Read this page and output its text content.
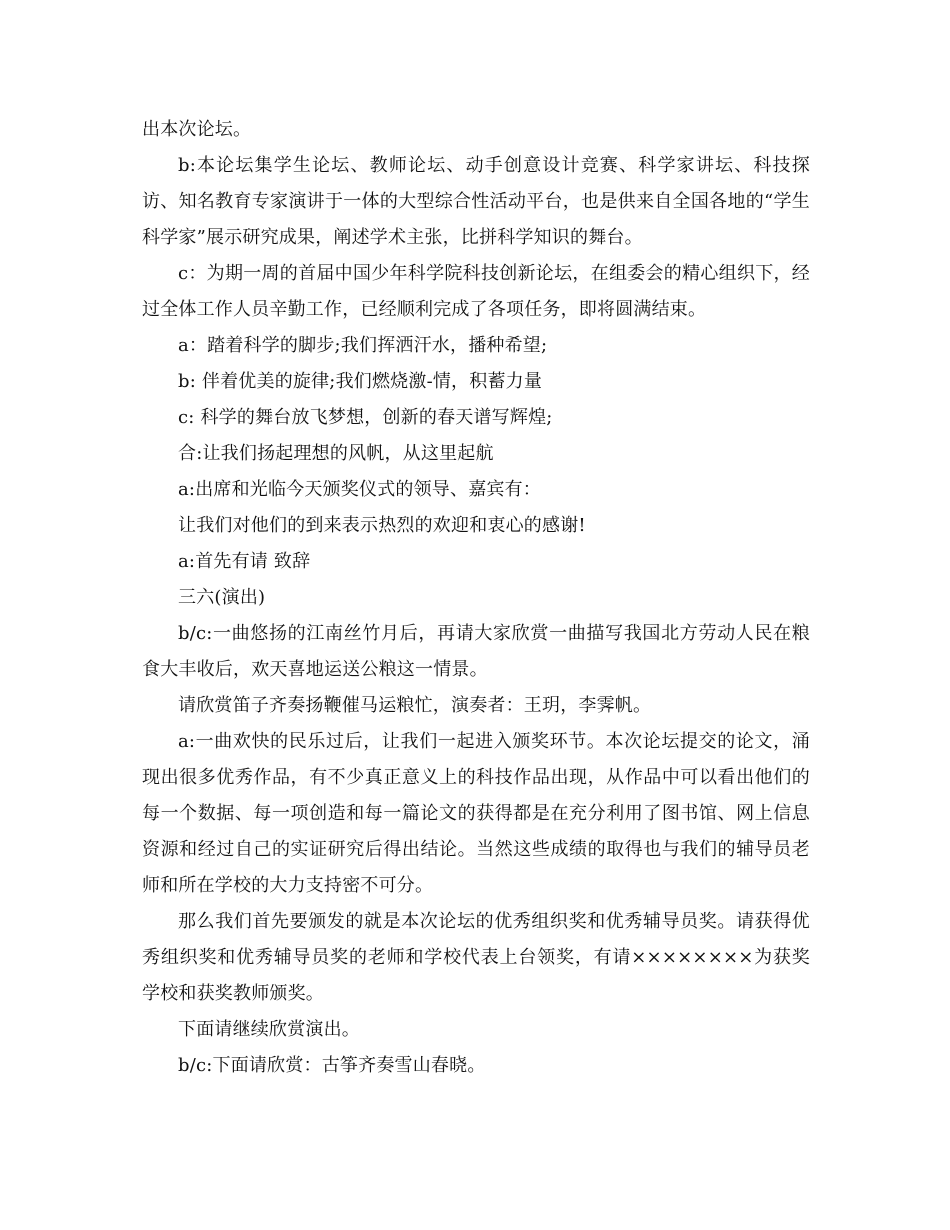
出本次论坛。

b:本论坛集学生论坛、教师论坛、动手创意设计竞赛、科学家讲坛、科技探访、知名教育专家演讲于一体的大型综合性活动平台，也是供来自全国各地的“学生科学家”展示研究成果，阐述学术主张，比拼科学知识的舞台。

c：为期一周的首届中国少年科学院科技创新论坛，在组委会的精心组织下，经过全体工作人员辛勤工作，已经顺利完成了各项任务，即将圆满结束。

a：踏着科学的脚步;我们挥洒汗水，播种希望;

b: 伴着优美的旋律;我们燃烧激-情，积蓄力量

c: 科学的舞台放飞梦想，创新的春天谱写辉煌;

合:让我们扬起理想的风帆，从这里起航

a:出席和光临今天颁奖仪式的领导、嘉宾有：

让我们对他们的到来表示热烈的欢迎和衷心的感谢!

a:首先有请 致辞

三六(演出)

b/c:一曲悠扬的江南丝竹月后，再请大家欣赏一曲描写我国北方劳动人民在粮食大丰收后，欢天喜地运送公粮这一情景。

请欣赏笛子齐奏扬鞭催马运粮忙，演奏者：王玥，李霁帆。

a:一曲欢快的民乐过后，让我们一起进入颁奖环节。本次论坛提交的论文，涌现出很多优秀作品，有不少真正意义上的科技作品出现，从作品中可以看出他们的每一个数据、每一项创造和每一篇论文的获得都是在充分利用了图书馆、网上信息资源和经过自己的实证研究后得出结论。当然这些成绩的取得也与我们的辅导员老师和所在学校的大力支持密不可分。

那么我们首先要颁发的就是本次论坛的优秀组织奖和优秀辅导员奖。请获得优秀组织奖和优秀辅导员奖的老师和学校代表上台领奖，有请××××××××为获奖学校和获奖教师颁奖。

下面请继续欣赏演出。

b/c:下面请欣赏：古筝齐奏雪山春晓。
